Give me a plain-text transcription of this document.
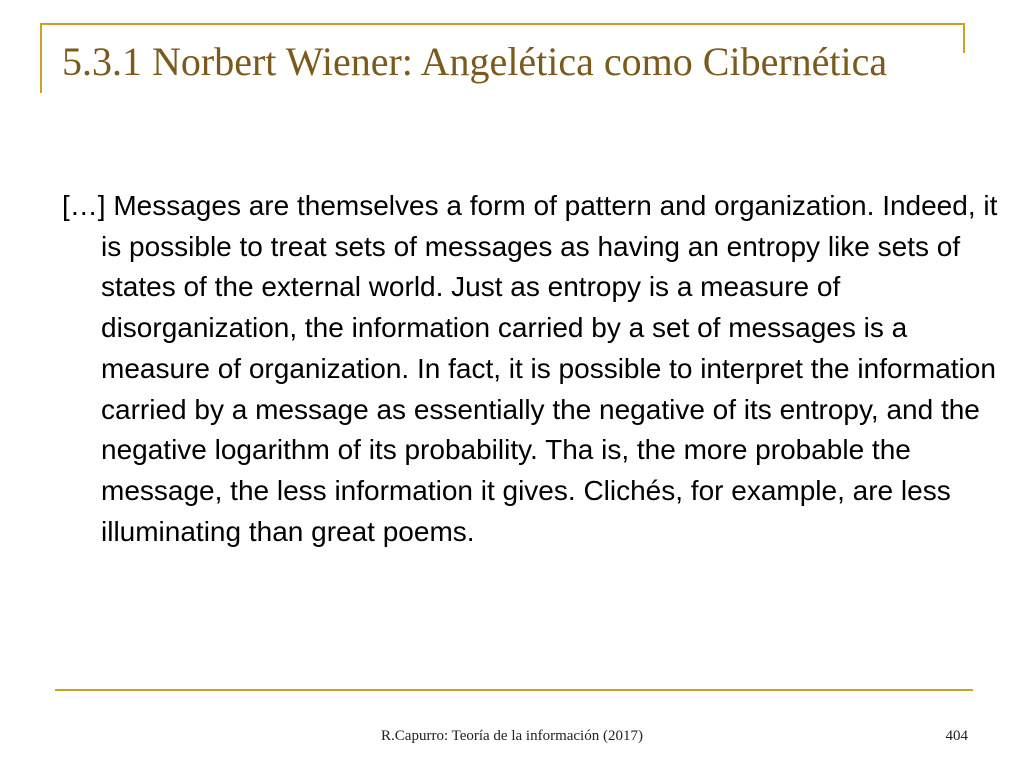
5.3.1 Norbert Wiener: Angelética como Cibernética

[…] Messages are themselves a form of pattern and organization. Indeed, it is possible to treat sets of messages as having an entropy like sets of states of the external world. Just as entropy is a measure of disorganization, the information carried by a set of messages is a measure of organization. In fact, it is possible to interpret the information carried by a message as essentially the negative of its entropy, and the negative logarithm of its probability. Tha is, the more probable the message, the less information it gives. Clichés, for example, are less illuminating than great poems.

R.Capurro: Teoría de la información (2017)	404
